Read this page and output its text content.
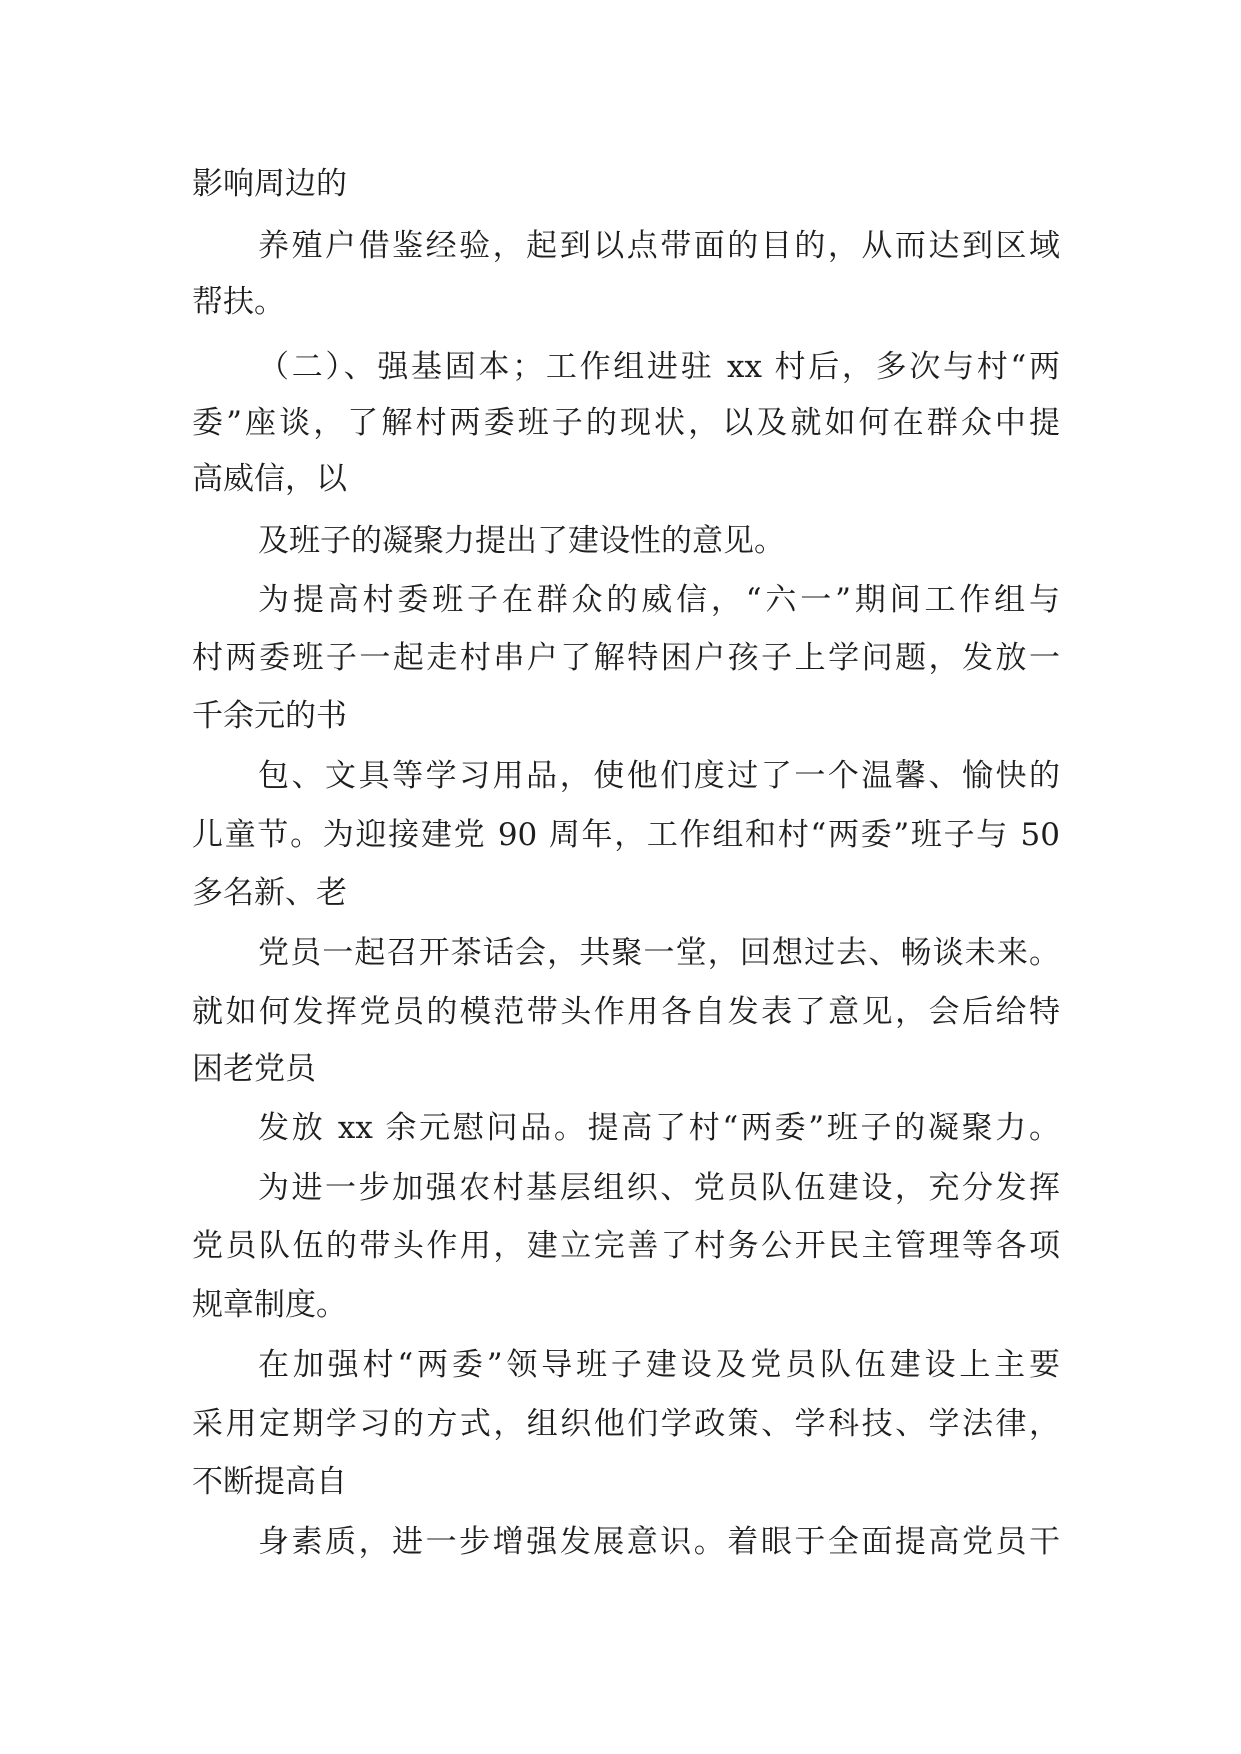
影响周边的
养殖户借鉴经验，起到以点带面的目的，从而达到区域
帮扶。
（二）、强基固本；工作组进驻 xx 村后，多次与村“两
委”座谈，了解村两委班子的现状，以及就如何在群众中提
高威信，以
及班子的凝聚力提出了建设性的意见。
为提高村委班子在群众的威信，“六一”期间工作组与
村两委班子一起走村串户了解特困户孩子上学问题，发放一
千余元的书
包、文具等学习用品，使他们度过了一个温馨、愉快的
儿童节。为迎接建党 90 周年，工作组和村“两委”班子与 50
多名新、老
党员一起召开茶话会，共聚一堂，回想过去、畅谈未来。
就如何发挥党员的模范带头作用各自发表了意见，会后给特
困老党员
发放 xx 余元慰问品。提高了村“两委”班子的凝聚力。
为进一步加强农村基层组织、党员队伍建设，充分发挥
党员队伍的带头作用，建立完善了村务公开民主管理等各项
规章制度。
在加强村“两委”领导班子建设及党员队伍建设上主要
采用定期学习的方式，组织他们学政策、学科技、学法律，
不断提高自
身素质，进一步增强发展意识。着眼于全面提高党员干
